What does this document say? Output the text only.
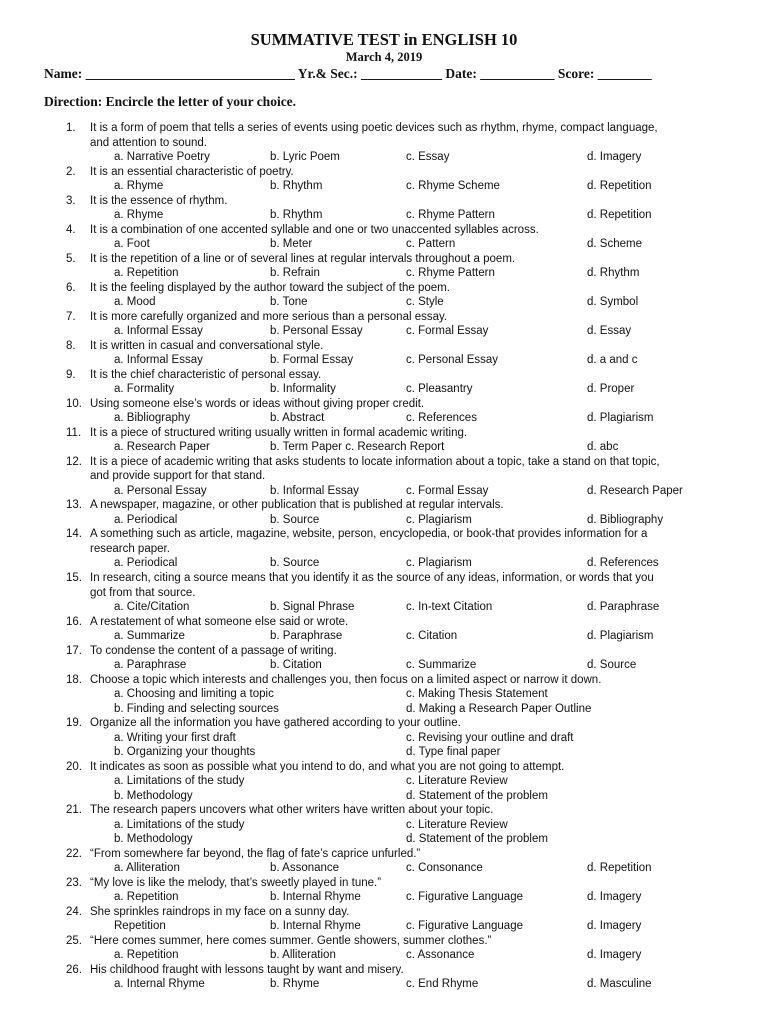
SUMMATIVE TEST in ENGLISH 10
March 4, 2019
Name: _______________________________ Yr.& Sec.: ____________ Date: ___________ Score: ________
Direction: Encircle the letter of your choice.
1. It is a form of poem that tells a series of events using poetic devices such as rhythm, rhyme, compact language,
and attention to sound.
a. Narrative Poetry	b. Lyric Poem	c. Essay	d. Imagery
2. It is an essential characteristic of poetry.
a. Rhyme	b. Rhythm	c. Rhyme Scheme	d. Repetition
3. It is the essence of rhythm.
a. Rhyme	b. Rhythm	c. Rhyme Pattern	d. Repetition
4. It is a combination of one accented syllable and one or two unaccented syllables across.
a. Foot	b. Meter	c. Pattern	d. Scheme
5. It is the repetition of a line or of several lines at regular intervals throughout a poem.
a. Repetition	b. Refrain	c. Rhyme Pattern	d. Rhythm
6. It is the feeling displayed by the author toward the subject of the poem.
a. Mood	b. Tone	c. Style	d. Symbol
7. It is more carefully organized and more serious than a personal essay.
a. Informal Essay	b. Personal Essay	c. Formal Essay	d. Essay
8. It is written in casual and conversational style.
a. Informal Essay	b. Formal Essay	c. Personal Essay	d. a and c
9. It is the chief characteristic of personal essay.
a. Formality	b. Informality	c. Pleasantry	d. Proper
10. Using someone else’s words or ideas without giving proper credit.
a. Bibliography	b. Abstract	c. References	d. Plagiarism
11. It is a piece of structured writing usually written in formal academic writing.
a. Research Paper	b. Term Paper c. Research Report	d. abc
12. It is a piece of academic writing that asks students to locate information about a topic, take a stand on that topic,
and provide support for that stand.
a. Personal Essay	b. Informal Essay	c. Formal Essay	d. Research Paper
13. A newspaper, magazine, or other publication that is published at regular intervals.
a. Periodical	b. Source	c. Plagiarism	d. Bibliography
14. A something such as article, magazine, website, person, encyclopedia, or book-that provides information for a
research paper.
a. Periodical	b. Source	c. Plagiarism	d. References
15. In research, citing a source means that you identify it as the source of any ideas, information, or words that you
got from that source.
a. Cite/Citation	b. Signal Phrase	c. In-text Citation	d. Paraphrase
16. A restatement of what someone else said or wrote.
a. Summarize	b. Paraphrase	c. Citation	d. Plagiarism
17. To condense the content of a passage of writing.
a. Paraphrase	b. Citation	c. Summarize	d. Source
18. Choose a topic which interests and challenges you, then focus on a limited aspect or narrow it down.
a. Choosing and limiting a topic	c. Making Thesis Statement
b. Finding and selecting sources	d. Making a Research Paper Outline
19. Organize all the information you have gathered according to your outline.
a. Writing your first draft	c. Revising your outline and draft
b. Organizing your thoughts	d. Type final paper
20. It indicates as soon as possible what you intend to do, and what you are not going to attempt.
a. Limitations of the study	c. Literature Review
b. Methodology	d. Statement of the problem
21. The research papers uncovers what other writers have written about your topic.
a. Limitations of the study	c. Literature Review
b. Methodology	d. Statement of the problem
22. “From somewhere far beyond, the flag of fate’s caprice unfurled.”
a. Alliteration	b. Assonance	c. Consonance	d. Repetition
23. “My love is like the melody, that’s sweetly played in tune.”
a. Repetition	b. Internal Rhyme	c. Figurative Language	d. Imagery
24. She sprinkles raindrops in my face on a sunny day.
Repetition	b. Internal Rhyme	c. Figurative Language	d. Imagery
25. “Here comes summer, here comes summer. Gentle showers, summer clothes.”
a. Repetition	b. Alliteration	c. Assonance	d. Imagery
26. His childhood fraught with lessons taught by want and misery.
a. Internal Rhyme	b. Rhyme	c. End Rhyme	d. Masculine
